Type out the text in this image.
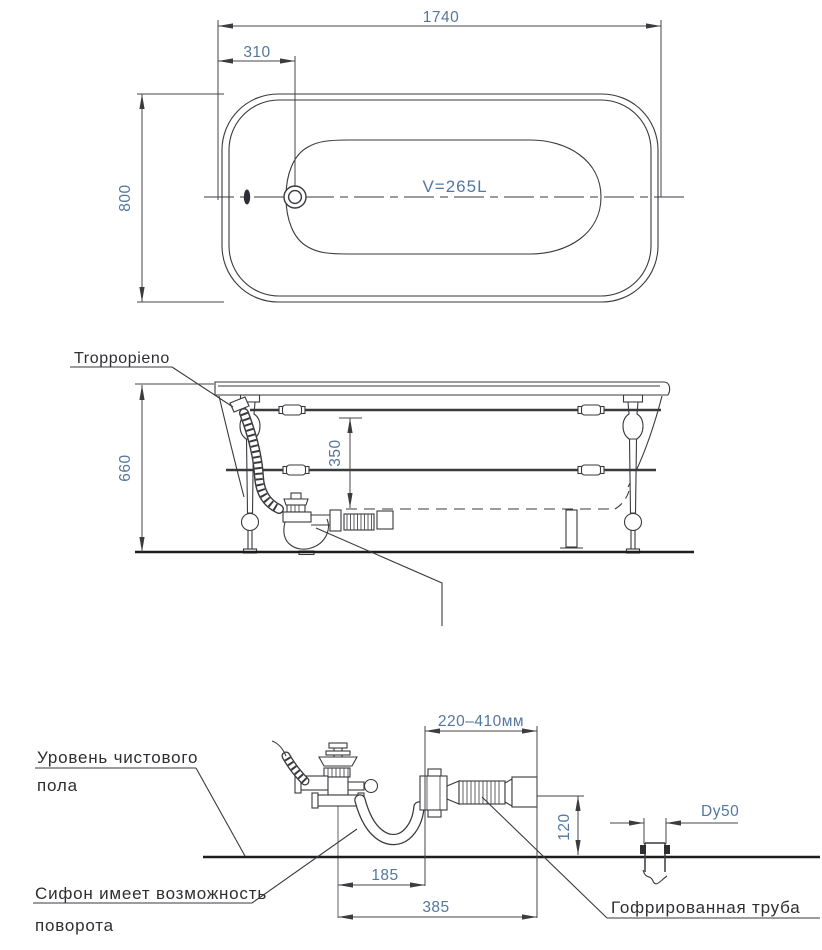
1740
310
800	V=265L
Troppopieno
660
350
220–410мм
120
Dy50
185
385
Уровень чистового
пола
Сифон имеет возможность
поворота
Гофрированная труба
